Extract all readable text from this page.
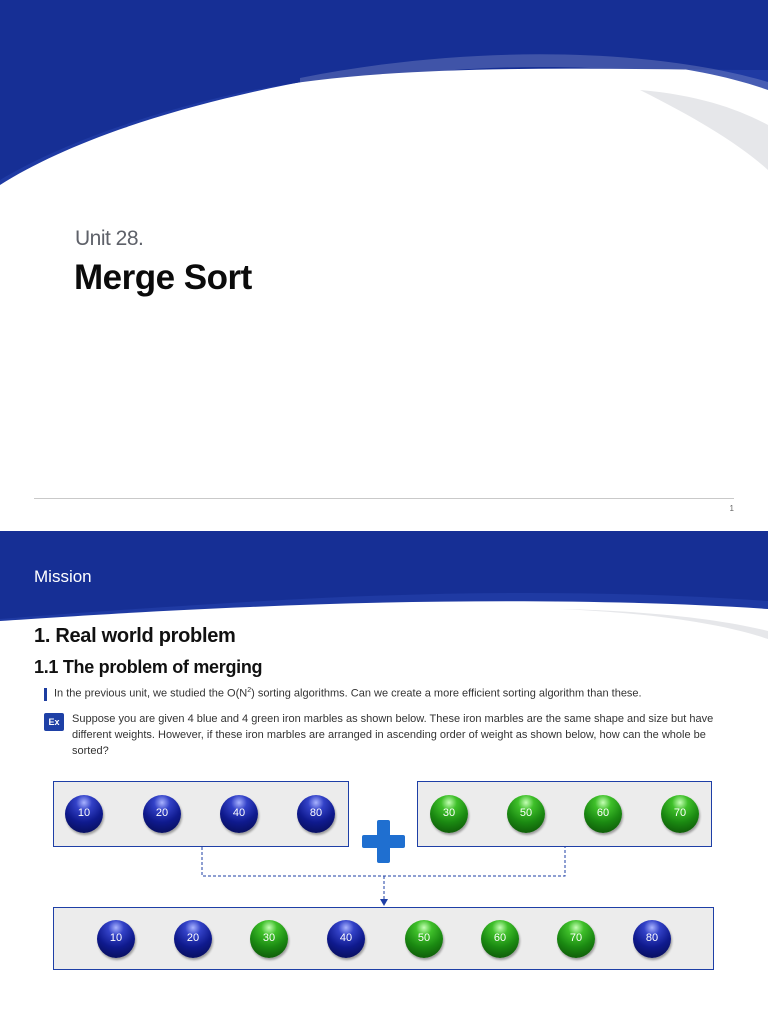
Unit 28.
Merge Sort
1
Mission
1. Real world problem
1.1 The problem of merging
In the previous unit, we studied the $O(N^2)$ sorting algorithms. Can we create a more efficient sorting algorithm than these.
Ex	Suppose you are given 4 blue and 4 green iron marbles as shown below. These iron marbles are the same shape and size but have different weights. However, if these iron marbles are arranged in ascending order of weight as shown below, how can the whole be sorted?
10	20	40	80	30	50	60	70
10	20	30	40	50	60	70	80
